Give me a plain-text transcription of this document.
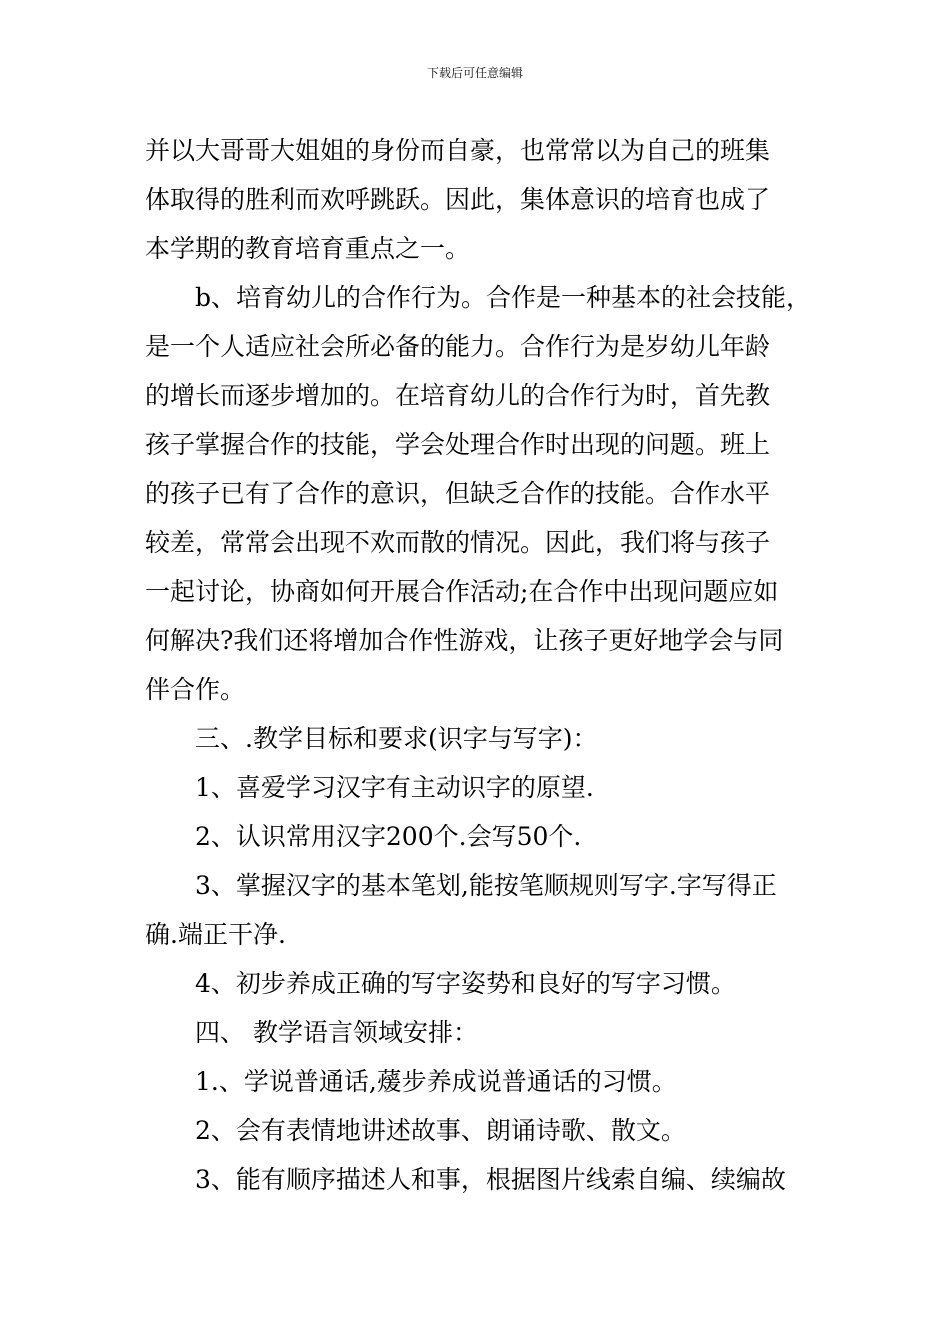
下载后可任意编辑
并以大哥哥大姐姐的身份而自豪，也常常以为自己的班集
体取得的胜利而欢呼跳跃。因此，集体意识的培育也成了
本学期的教育培育重点之一。
b、培育幼儿的合作行为。合作是一种基本的社会技能，
是一个人适应社会所必备的能力。合作行为是岁幼儿年龄
的增长而逐步增加的。在培育幼儿的合作行为时，首先教
孩子掌握合作的技能，学会处理合作时出现的问题。班上
的孩子已有了合作的意识，但缺乏合作的技能。合作水平
较差，常常会出现不欢而散的情况。因此，我们将与孩子
一起讨论，协商如何开展合作活动;在合作中出现问题应如
何解决?我们还将增加合作性游戏，让孩子更好地学会与同
伴合作。
三、.教学目标和要求(识字与写字)：
1、喜爱学习汉字有主动识字的原望.
2、认识常用汉字200个.会写50个.
3、掌握汉字的基本笔划,能按笔顺规则写字.字写得正
确.端正干净.
4、初步养成正确的写字姿势和良好的写字习惯。
四、 教学语言领域安排：
1.、学说普通话,蕿步养成说普通话的习惯。
2、会有表情地讲述故事、朗诵诗歌、散文。
3、能有顺序描述人和事，根据图片线索自编、续编故
